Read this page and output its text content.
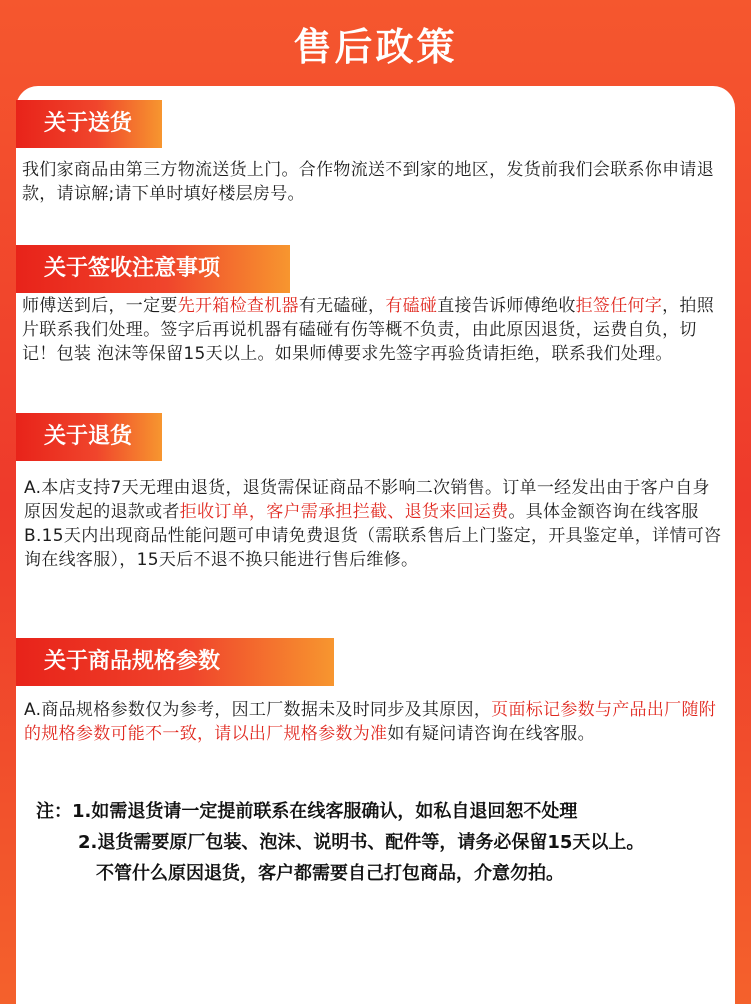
售后政策
关于送货
我们家商品由第三方物流送货上门。合作物流送不到家的地区，发货前我们会联系你申请退款，请谅解;请下单时填好楼层房号。
关于签收注意事项
师傅送到后，一定要先开箱检查机器有无磕碰，有磕碰直接告诉师傅绝收拒签任何字，拍照片联系我们处理。签字后再说机器有磕碰有伤等概不负责，由此原因退货，运费自负，切记！包装 泡沫等保留15天以上。如果师傅要求先签字再验货请拒绝，联系我们处理。
关于退货
A.本店支持7天无理由退货，退货需保证商品不影响二次销售。订单一经发出由于客户自身原因发起的退款或者拒收订单，客户需承担拦截、退货来回运费。具体金额咨询在线客服
B.15天内出现商品性能问题可申请免费退货（需联系售后上门鉴定，开具鉴定单，详情可咨询在线客服），15天后不退不换只能进行售后维修。
关于商品规格参数
A.商品规格参数仅为参考，因工厂数据未及时同步及其原因，页面标记参数与产品出厂随附的规格参数可能不一致，请以出厂规格参数为准如有疑问请咨询在线客服。
注：1.如需退货请一定提前联系在线客服确认，如私自退回恕不处理
2.退货需要原厂包装、泡沫、说明书、配件等，请务必保留15天以上。
不管什么原因退货，客户都需要自己打包商品，介意勿拍。
